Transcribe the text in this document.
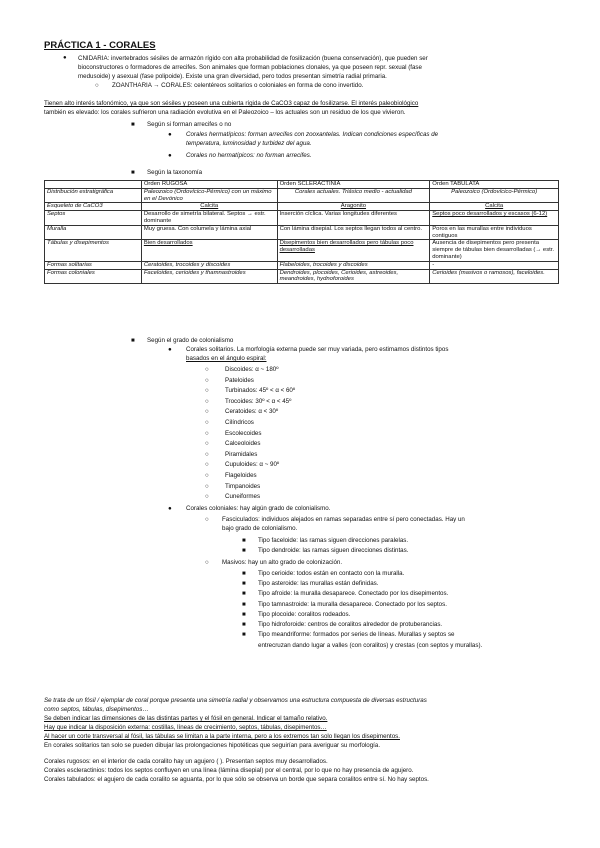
PRÁCTICA 1 - CORALES
● CNIDARIA: invertebrados sésiles de armazón rígido con alta probabilidad de fosilización (buena conservación), que pueden ser
bioconstructores o formadores de arrecifes. Son animales que forman poblaciones clonales, ya que poseen repr. sexual (fase
medusoide) y asexual (fase polipoide). Existe una gran diversidad, pero todos presentan simetría radial primaria.
○ ZOANTHARIA → CORALES: celentéreos solitarios o coloniales en forma de cono invertido.
Tienen alto interés tafonómico, ya que son sésiles y poseen una cubierta rígida de CaCO3 capaz de fosilizarse. El interés paleobiológico
también es elevado: los corales sufrieron una radiación evolutiva en el Paleozoico – los actuales son un residuo de los que vivieron.
■ Según si forman arrecifes o no
● Corales hermatípicos: forman arrecifes con zooxantelas. Indican condiciones específicas de
temperatura, luminosidad y turbidez del agua.
● Corales no hermatípicos: no forman arrecifes.
■ Según la taxonomía
	Orden RUGOSA	Orden SCLERACTINIA	Orden TABULATA
Distribución estratigráfica	Paleozoico (Ordovícico-Pérmico) con un máximo en el Devónico	Corales actuales. Triásico medio - actualidad	Paleozoico (Ordovícico-Pérmico)
Esqueleto de CaCO3	Calcita	Aragonito	Calcita
Septos	Desarrollo de simetría bilateral. Septos → estr. dominante	Inserción cíclica. Varias longitudes diferentes	Septos poco desarrollados y escasos (6-12)
Muralla	Muy gruesa. Con columela y lámina axial	Con lámina disepial. Los septos llegan todos al centro.	Poros en las murallas entre individuos contiguos
Tábulas y disepimentos	Bien desarrollados	Disepimentos bien desarrollados pero tábulas poco desarrolladas	Ausencia de disepimentos pero presenta siempre de tábulas bien desarrolladas (→ estr. dominante)
Formas solitarias	Ceratoides, trocoides y discoides	Flabeloides, trocoides y discoides	-
Formas coloniales	Faceloides, cerioides y thamnastroides	Dendroides, plocoides, Cerioides, astreoides, meandroides, hydnoforoides	Cerioides (masivos o ramosos), faceloides.
■ Según el grado de colonialismo
● Corales solitarios. La morfología externa puede ser muy variada, pero estimamos distintos tipos
basados en el ángulo espiral:
○	Discoides: α ~ 180º
○	Pateloides
○	Turbinados: 45º < α < 60º
○	Trocoides: 30º < α < 45º
○	Ceratoides: α < 30º
○	Cilíndricos
○	Escolecoides
○	Calceoloides
○	Piramidales
○	Cupuloides: α ~ 90º
○	Flageloides
○	Timpanoides
○	Cuneiformes
● Corales coloniales: hay algún grado de colonialismo.
○ Fasciculados: individuos alejados en ramas separadas entre sí pero conectadas. Hay un
bajo grado de colonialismo.
■ Tipo faceloide: las ramas siguen direcciones paralelas.
■ Tipo dendroide: las ramas siguen direcciones distintas.
○ Masivos: hay un alto grado de colonización.
■ Tipo cerioide: todos están en contacto con la muralla.
■ Tipo asteroide: las murallas están definidas.
■ Tipo afroide: la muralla desaparece. Conectado por los disepimentos.
■ Tipo tamnastroide: la muralla desaparece. Conectado por los septos.
■ Tipo plocoide: coralitos rodeados.
■ Tipo hidroforoide: centros de coralitos alrededor de protuberancias.
■ Tipo meandriforme: formados por series de líneas. Murallas y septos se
entrecruzan dando lugar a valles (con coralitos) y crestas (con septos y murallas).
Se trata de un fósil / ejemplar de coral porque presenta una simetría radial y observamos una estructura compuesta de diversas estructuras
como septos, tábulas, disepimentos…
Se deben indicar las dimensiones de las distintas partes y el fósil en general. Indicar el tamaño relativo.
Hay que indicar la disposición externa: costillas, líneas de crecimiento, septos, tábulas, disepimentos…
Al hacer un corte transversal al fósil, las tábulas se limitan a la parte interna, pero a los extremos tan solo llegan los disepimentos.
En corales solitarios tan solo se pueden dibujar las prolongaciones hipotéticas que seguirían para averiguar su morfología.
Corales rugosos: en el interior de cada coralito hay un agujero ( ). Presentan septos muy desarrollados.
Corales escleractinios: todos los septos confluyen en una línea (lámina disepial) por el central, por lo que no hay presencia de agujero.
Corales tabulados: el agujero de cada coralito se aguanta, por lo que sólo se observa un borde que separa coralitos entre sí. No hay septos.
